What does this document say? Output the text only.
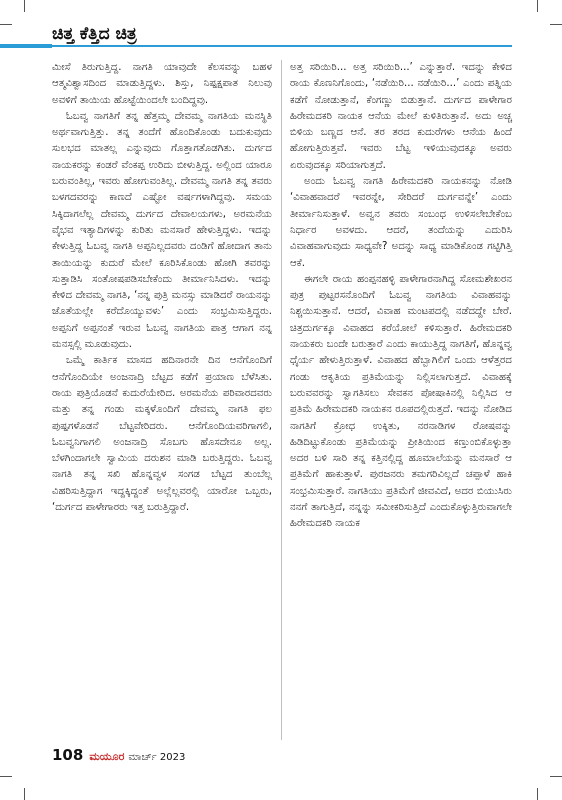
ಚಿತ್ತ ಕೆತ್ತಿದ ಚಿತ್ರ

ಮೀಸೆ ತಿರುಗುತ್ತಿದ್ದ. ನಾಗತಿ ಯಾವುದೇ ಕೆಲಸವನ್ನು ಬಹಳ ಆತ್ಮವಿಶ್ವಾಸದಿಂದ ಮಾಡುತ್ತಿದ್ದಳು. ಶಿಸ್ತು, ನಿಷ್ಪಕ್ಷಪಾತ ನಿಲುವು ಅವಳಿಗೆ ತಾಯಿಯ ಹೊಟ್ಟೆಯಿಂದಲೇ ಬಂದಿದ್ದವು.

ಓಬವ್ವ ನಾಗತಿಗೆ ತನ್ನ ಹೆತ್ತಮ್ಮ ದೇವಮ್ಮ ನಾಗತಿಯ ಮನಸ್ಥಿತಿ ಅರ್ಥವಾಗುತ್ತಿತ್ತು. ತನ್ನ ತಂದೆಗೆ ಹೊಂದಿಕೊಂಡು ಬದುಕುವುದು ಸುಲಭದ ಮಾತಲ್ಲ ಎನ್ನುವುದು ಗೊತ್ತಾಗತೊಡಗಿತು. ದುರ್ಗದ ನಾಯಕರನ್ನು ಕಂಡರೆ ವೆಂಕಪ್ಪ ಉರಿದು ಬೀಳುತ್ತಿದ್ದ. ಅಲ್ಲಿಂದ ಯಾರೂ ಬರುವಂತಿಲ್ಲ, ಇವರು ಹೋಗುವಂತಿಲ್ಲ. ದೇವಮ್ಮ ನಾಗತಿ ತನ್ನ ತವರು ಬಳಗದವರನ್ನು ಕಾಣದೆ ಎಷ್ಟೋ ವರ್ಷಗಳಾಗಿದ್ದವು. ಸಮಯ ಸಿಕ್ಕಿದಾಗಲೆಲ್ಲ ದೇವಮ್ಮ ದುರ್ಗದ ದೇವಾಲಯಗಳು, ಅರಮನೆಯ ವೈಭವ ಇತ್ಯಾದಿಗಳನ್ನು ಕುರಿತು ಮನಸಾರೆ ಹೇಳುತ್ತಿದ್ದಳು. ಇದನ್ನು ಕೇಳುತ್ತಿದ್ದ ಓಬವ್ವ ನಾಗತಿ ಅಪ್ಪನಿಲ್ಲದವರು ದಂಡಿಗೆ ಹೋದಾಗ ತಾನು ತಾಯಿಯನ್ನು ಕುದುರೆ ಮೇಲೆ ಕೂರಿಸಿಕೊಂಡು ಹೋಗಿ ತವರನ್ನು ಸುತ್ತಾಡಿಸಿ ಸಂತೋಷಪಡಿಸಬೇಕೆಂದು ತೀರ್ಮಾನಿಸಿದಳು. ಇದನ್ನು ಕೇಳಿದ ದೇವಮ್ಮ ನಾಗತಿ, ‘ನನ್ನ ಪುತ್ರಿ ಮನಸ್ಸು ಮಾಡಿದರೆ ರಾಯನನ್ನು ಜೊತೆಯಲ್ಲೇ ಕರೆದೊಯ್ಯುವಳು’ ಎಂದು ಸಂಭ್ರಮಿಸುತ್ತಿದ್ದರು. ಅಪ್ಪನಿಗೆ ಅಪ್ಪನಂತೆ ಇರುವ ಓಬವ್ವ ನಾಗತಿಯ ಪಾತ್ರ ಆಗಾಗ ನನ್ನ ಮನಸ್ಸಲ್ಲಿ ಮೂಡುವುದು.

ಒಮ್ಮೆ ಕಾರ್ತಿಕ ಮಾಸದ ಹದಿನಾರನೇ ದಿನ ಆನೆಗೊಂದಿಗೆ ಆನೆಗೊಂದಿಯೇ ಅಂಜನಾದ್ರಿ ಬೆಟ್ಟದ ಕಡೆಗೆ ಪ್ರಯಾಣ ಬೆಳೆಸಿತು. ರಾಯ ಪುತ್ರಿಯೊಡನೆ ಕುದುರೆಯೇರಿದ. ಅರಮನೆಯ ಪರಿವಾರದವರು ಮತ್ತು ತನ್ನ ಗಂಡು ಮಕ್ಕಳೊಂದಿಗೆ ದೇವಮ್ಮ ನಾಗತಿ ಫಲ ಪುಷ್ಪಗಳೊಡನೆ ಬೆಟ್ಟವೇರಿದರು. ಆನೆಗೊಂದಿಯವರಿಗಾಗಲಿ, ಓಬವ್ವನಿಗಾಗಲಿ ಅಂಜನಾದ್ರಿ ಸೊಬಗು ಹೊಸದೇನೂ ಅಲ್ಲ. ಬೆಳಗಿಂದಾಗಲೇ ಸ್ವಾಮಿಯ ದರುಶನ ಮಾಡಿ ಬರುತ್ತಿದ್ದರು. ಓಬವ್ವ ನಾಗತಿ ತನ್ನ ಸಖಿ ಹೊನ್ನವ್ವಳ ಸಂಗಡ ಬೆಟ್ಟದ ತುಂಬೆಲ್ಲ ವಿಹರಿಸುತ್ತಿದ್ದಾಗ ಇದ್ದಕ್ಕಿದ್ದಂತೆ ಅಲ್ಲೆಲ್ಲವರಲ್ಲಿ ಯಾರೋ ಒಬ್ಬರು, ‘ದುರ್ಗದ ಪಾಳೇಗಾರರು ಇತ್ತ ಬರುತ್ತಿದ್ದಾರೆ.

ಅತ್ತ ಸರಿಯಿರಿ... ಅತ್ತ ಸರಿಯಿರಿ...’ ಎನ್ನುತ್ತಾರೆ. ಇದನ್ನು ಕೇಳಿದ ರಾಯ ಕೊಣನಿಗೊಂದು, ‘ನಡೆಯಿರಿ... ನಡೆಯಿರಿ...’ ಎಂದು ಪತ್ನಿಯ ಕಡೆಗೆ ನೋಡುತ್ತಾನೆ, ಕೆಂಗಣ್ಣು ಬಿಡುತ್ತಾನೆ. ದುರ್ಗದ ಪಾಳೇಗಾರ ಹಿರೇಮದಕರಿ ನಾಯಕ ಆನೆಯ ಮೇಲೆ ಕುಳಿತಿರುತ್ತಾನೆ. ಅದು ಅಚ್ಚ ಬಿಳಿಯ ಬಣ್ಣದ ಆನೆ. ತರ ತರದ ಕುದುರೆಗಳು ಆನೆಯ ಹಿಂದೆ ಹೋಗುತ್ತಿರುತ್ತವೆ. ಇವರು ಬೆಟ್ಟ ಇಳಿಯುವುದಕ್ಕೂ ಅವರು ಏರುವುದಕ್ಕೂ ಸರಿಯಾಗುತ್ತದೆ.

ಅಂದು ಓಬವ್ವ ನಾಗತಿ ಹಿರೇಮದಕರಿ ನಾಯಕನನ್ನು ನೋಡಿ ‘ವಿವಾಹವಾದರೆ ಇವರನ್ನೇ, ಸೇರಿದರೆ ದುರ್ಗವನ್ನೇ’ ಎಂದು ತೀರ್ಮಾನಿಸುತ್ತಾಳೆ. ಅವ್ವನ ತವರು ಸಂಬಂಧ ಉಳಿಸಲೇಬೇಕೆಂಬ ನಿರ್ಧಾರ ಅವಳದು. ಆದರೆ, ತಂದೆಯನ್ನು ಎದುರಿಸಿ ವಿವಾಹವಾಗುವುದು ಸಾಧ್ಯವೇ? ಅದನ್ನು ಸಾಧ್ಯ ಮಾಡಿಕೊಂಡ ಗಟ್ಟಿಗಿತ್ತಿ ಆಕೆ.

ಈಗಲೇ ರಾಯ ಹಂಪ್ಪನಹಳ್ಳಿ ಪಾಳೇಗಾರನಾಗಿದ್ದ ಸೋಮಶೇಖರನ ಪುತ್ರ ಪುಟ್ಟರಸನೊಂದಿಗೆ ಓಬವ್ವ ನಾಗತಿಯ ವಿವಾಹವನ್ನು ನಿಶ್ಚಯಿಸುತ್ತಾನೆ. ಆದರೆ, ವಿವಾಹ ಮಂಟಪದಲ್ಲಿ ನಡೆದದ್ದೇ ಬೇರೆ. ಚಿತ್ರದುರ್ಗಕ್ಕೂ ವಿವಾಹದ ಕರೆಯೋಲೆ ಕಳಿಸುತ್ತಾರೆ. ಹಿರೇಮದಕರಿ ನಾಯಕರು ಬಂದೇ ಬರುತ್ತಾರೆ ಎಂದು ಕಾಯುತ್ತಿದ್ದ ನಾಗತಿಗೆ, ಹೊನ್ನವ್ವ ಧೈರ್ಯ ಹೇಳುತ್ತಿರುತ್ತಾಳೆ. ವಿವಾಹದ ಹೆಬ್ಬಾಗಿಲಿಗೆ ಒಂದು ಆಳೆತ್ತರದ ಗಂಡು ಆಕೃತಿಯ ಪ್ರತಿಮೆಯನ್ನು ನಿಲ್ಲಿಸಲಾಗುತ್ತದೆ. ವಿವಾಹಕ್ಕೆ ಬರುವವರನ್ನು ಸ್ವಾಗತಿಸಲು ಸೇವಕನ ಪೋಷಾಕಿನಲ್ಲಿ ನಿಲ್ಲಿಸಿದ ಆ ಪ್ರತಿಮೆ ಹಿರೇಮದಕರಿ ನಾಯಕನ ರೂಪದಲ್ಲಿರುತ್ತದೆ. ಇದನ್ನು ನೋಡಿದ ನಾಗತಿಗೆ ಕ್ರೋಧ ಉಕ್ಕಿತು, ನರನಾಡಿಗಳ ರೋಷವನ್ನು ಹಿಡಿದಿಟ್ಟುಕೊಂಡು ಪ್ರತಿಮೆಯನ್ನು ಪ್ರೀತಿಯಿಂದ ಕಣ್ತುಂಬಿಕೊಳ್ಳುತ್ತಾ ಅದರ ಬಳಿ ಸಾರಿ ತನ್ನ ಕತ್ತಿನಲ್ಲಿದ್ದ ಹೂಮಾಲೆಯನ್ನು ಮನಸಾರೆ ಆ ಪ್ರತಿಮೆಗೆ ಹಾಕುತ್ತಾಳೆ. ಪುರಜನರು ತಮಗರಿವಿಲ್ಲದೆ ಚಪ್ಪಾಳೆ ಹಾಕಿ ಸಂಭ್ರಮಿಸುತ್ತಾರೆ. ನಾಗತಿಯು ಪ್ರತಿಮೆಗೆ ಜೀವವಿದೆ, ಅದರ ಬಿಯುಸಿರು ನನಗೆ ತಾಗುತ್ತಿದೆ, ನನ್ನನ್ನು ಸಮೀಕರಿಸುತ್ತಿದೆ ಎಂದುಕೊಳ್ಳುತ್ತಿರುವಾಗಲೇ ಹಿರೇಮದಕರಿ ನಾಯಕ

108 ಮಯೂರ ಮಾರ್ಚ್ 2023
